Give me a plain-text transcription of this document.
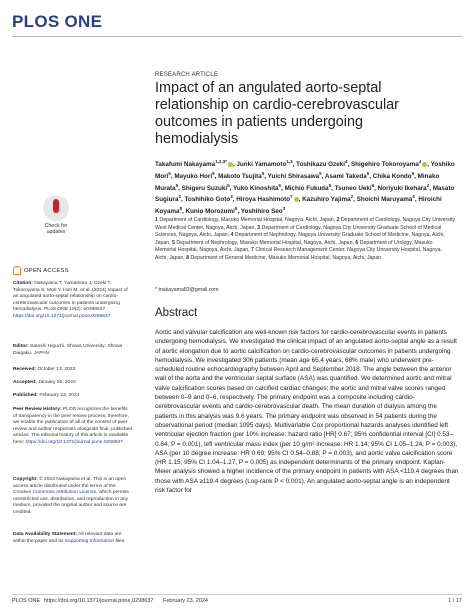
PLOS ONE
RESEARCH ARTICLE
Impact of an angulated aorto-septal relationship on cardio-cerebrovascular outcomes in patients undergoing hemodialysis
Takafumi Nakayama$^{1,2,3*}$ , Junki Yamamoto$^{1,3}$, Toshikazu Ozeki$^4$, Shigehiro Tokoroyama$^4$ , Yoshiko Mori$^5$, Mayuko Hori$^5$, Makoto Tsujita$^5$, Yuichi Shirasawa$^5$, Asami Takeda$^5$, Chika Kondo$^5$, Minako Murata$^5$, Shigeru Suzuki$^5$, Yuko Kinoshita$^5$, Michio Fukuda$^5$, Tsuneo Ueki$^6$, Noriyuki Ikehara$^2$, Masato Sugiura$^2$, Toshihiko Goto$^3$, Hiroya Hashimoto$^7$ , Kazuhiro Yajima$^2$, Shoichi Maruyama$^4$, Hiroichi Koyama$^8$, Kunio Morozumi$^5$, Yoshihiro Seo$^3$
1 Department of Cardiology, Masuko Memorial Hospital, Nagoya, Aichi, Japan, 2 Department of Cardiology, Nagoya City University West Medical Center, Nagoya, Aichi, Japan, 3 Department of Cardiology, Nagoya City University Graduate School of Medical Sciences, Nagoya, Aichi, Japan, 4 Department of Nephrology, Nagoya University Graduate School of Medicine, Nagoya, Aichi, Japan, 5 Department of Nephrology, Masuko Memorial Hospital, Nagoya, Aichi, Japan, 6 Department of Urology, Masuko Memorial Hospital, Nagoya, Aichi, Japan, 7 Clinical Research Management Center, Nagoya City University Hospital, Nagoya, Aichi, Japan, 8 Department of General Medicine, Masuko Memorial Hospital, Nagoya, Aichi, Japan
* tnakayama83@gmail.com
Abstract
Aortic and valvular calcification are well-known risk factors for cardio-cerebrovascular events in patients undergoing hemodialysis. We investigated the clinical impact of an angulated aorto-septal angle as a result of aortic elongation due to aortic calcification on cardio-cerebrovascular outcomes in patients undergoing hemodialysis. We investigated 306 patients (mean age 65.4 years, 68% male) who underwent pre-scheduled routine echocardiography between April and September 2018. The angle between the anterior wall of the aorta and the ventricular septal surface (ASA) was quantified. We determined aortic and mitral valve calcification scores based on calcified cardiac changes; the aortic and mitral valve scores ranged between 0–9 and 0–6, respectively. The primary endpoint was a composite including cardio-cerebrovascular events and cardio-cerebrovascular death. The mean duration of dialysis among the patients in this analysis was 9.6 years. The primary endpoint was observed in 54 patients during the observational period (median 1095 days). Multivariable Cox proportional hazards analyses identified left ventricular ejection fraction (per 10% increase: hazard ratio [HR] 0.67; 95% confidential interval [CI] 0.53–0.84, P = 0.001), left ventricular mass index (per 10 g/m² increase: HR 1.14; 95% CI 1.05–1.24, P = 0.003), ASA (per 10 degree increase: HR 0.69; 95% CI 0.54–0.88; P = 0.003), and aortic valve calcification score (HR 1.15; 95% CI 1.04–1.27, P = 0.005) as independent determinants of the primary endpoint. Kaplan-Meier analysis showed a higher incidence of the primary endpoint in patients with ASA <119.4 degrees than those with ASA ≥119.4 degrees (Log-rank P < 0.001). An angulated aorto-septal angle is an independent risk factor for
Check for updates
OPEN ACCESS
Citation: Nakayama T, Yamamoto J, Ozeki T, Tokoroyama S, Mori Y, Hori M, et al. (2024) Impact of an angulated aorto-septal relationship on cardio-cerebrovascular outcomes in patients undergoing hemodialysis. PLoS ONE 19(2): e0298637. https://doi.org/10.1371/journal.pone.0298637
Editor: Satoshi Higuchi, Showa University: Showa Daigaku, JAPAN
Received: October 13, 2023
Accepted: January 26, 2024
Published: February 23, 2024
Peer Review History: PLOS recognizes the benefits of transparency in the peer review process; therefore, we enable the publication of all of the content of peer review and author responses alongside final, published articles. The editorial history of this article is available here: https://doi.org/10.1371/journal.pone.0298637
Copyright: © 2024 Nakayama et al. This is an open access article distributed under the terms of the Creative Commons Attribution License, which permits unrestricted use, distribution, and reproduction in any medium, provided the original author and source are credited.
Data Availability Statement: All relevant data are within the paper and its Supporting Information files.
PLOS ONE https://doi.org/10.1371/journal.pone.0298637 February 23, 2024	1 / 17
